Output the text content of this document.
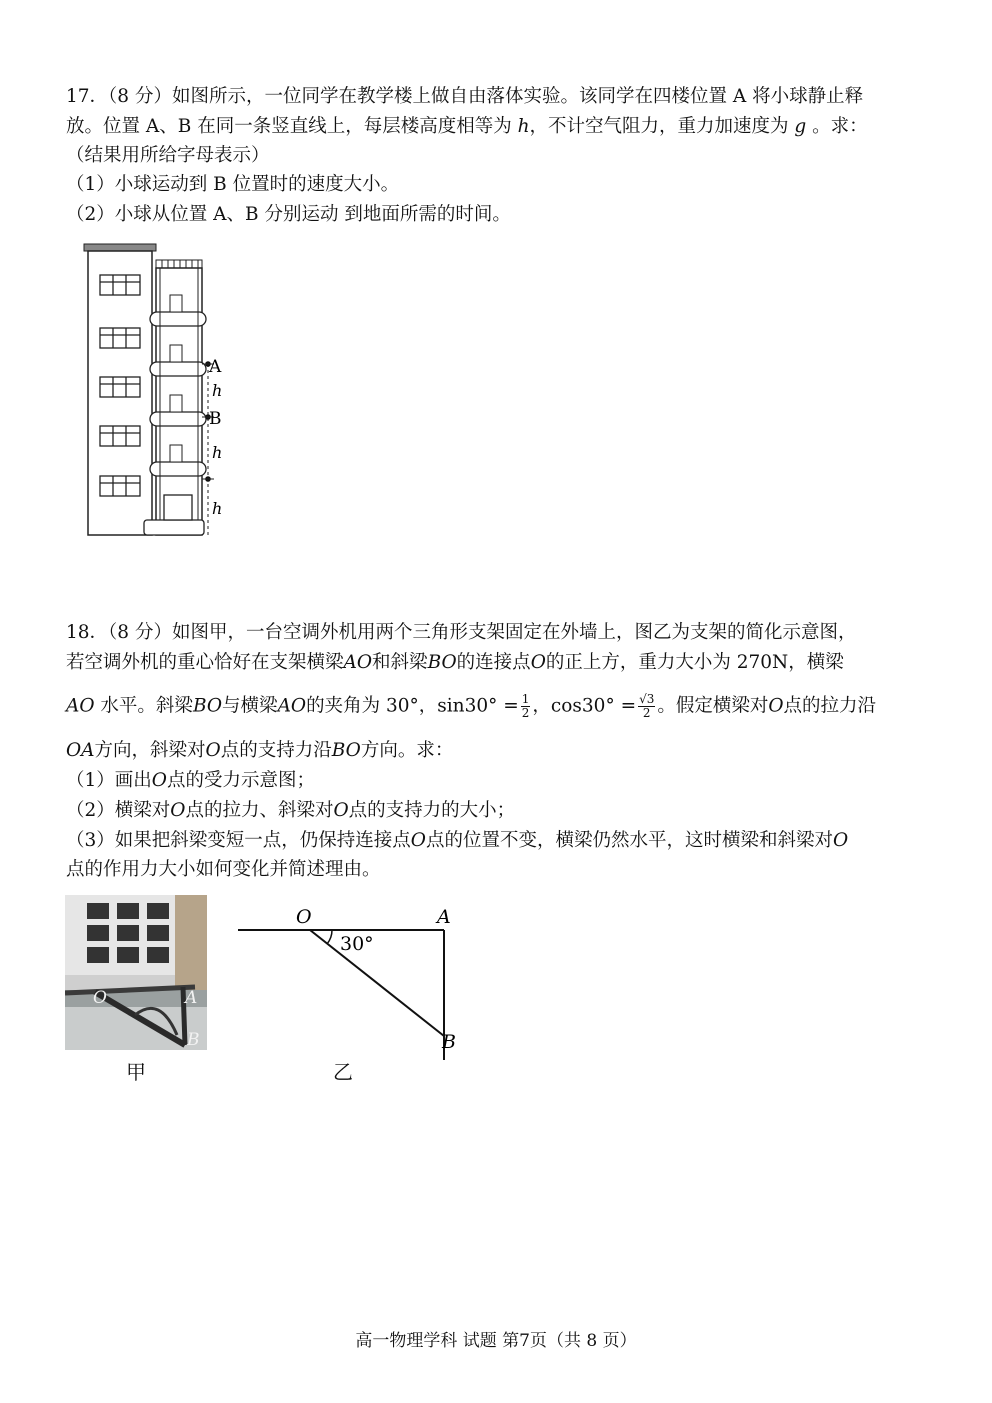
17．（8 分）如图所示，一位同学在教学楼上做自由落体实验。该同学在四楼位置 A 将小球静止释
放。位置 A、B 在同一条竖直线上，每层楼高度相等为 h，不计空气阻力，重力加速度为 g 。求：
（结果用所给字母表示）
（1）小球运动到 B 位置时的速度大小。
（2）小球从位置 A、B 分别运动 到地面所需的时间。
A
B
h
h
h
18．（8 分）如图甲，一台空调外机用两个三角形支架固定在外墙上，图乙为支架的简化示意图，
若空调外机的重心恰好在支架横梁AO和斜梁BO的连接点O的正上方，重力大小为 270N，横梁
AO 水平。斜梁BO与横梁AO的夹角为 30°，$\sin 30^\circ = \frac{1}{2}$ ，$\cos 30^\circ = \frac{√3}{2}$ 。假定横梁对O点的拉力沿
OA方向，斜梁对O点的支持力沿BO方向。求：
（1）画出O点的受力示意图；
（2）横梁对O点的拉力、斜梁对O点的支持力的大小；
（3）如果把斜梁变短一点，仍保持连接点O点的位置不变，横梁仍然水平，这时横梁和斜梁对O
点的作用力大小如何变化并简述理由。
O	A
B
甲
O	A
B
30°
乙
高一物理学科 试题 第7页（共 8 页）
